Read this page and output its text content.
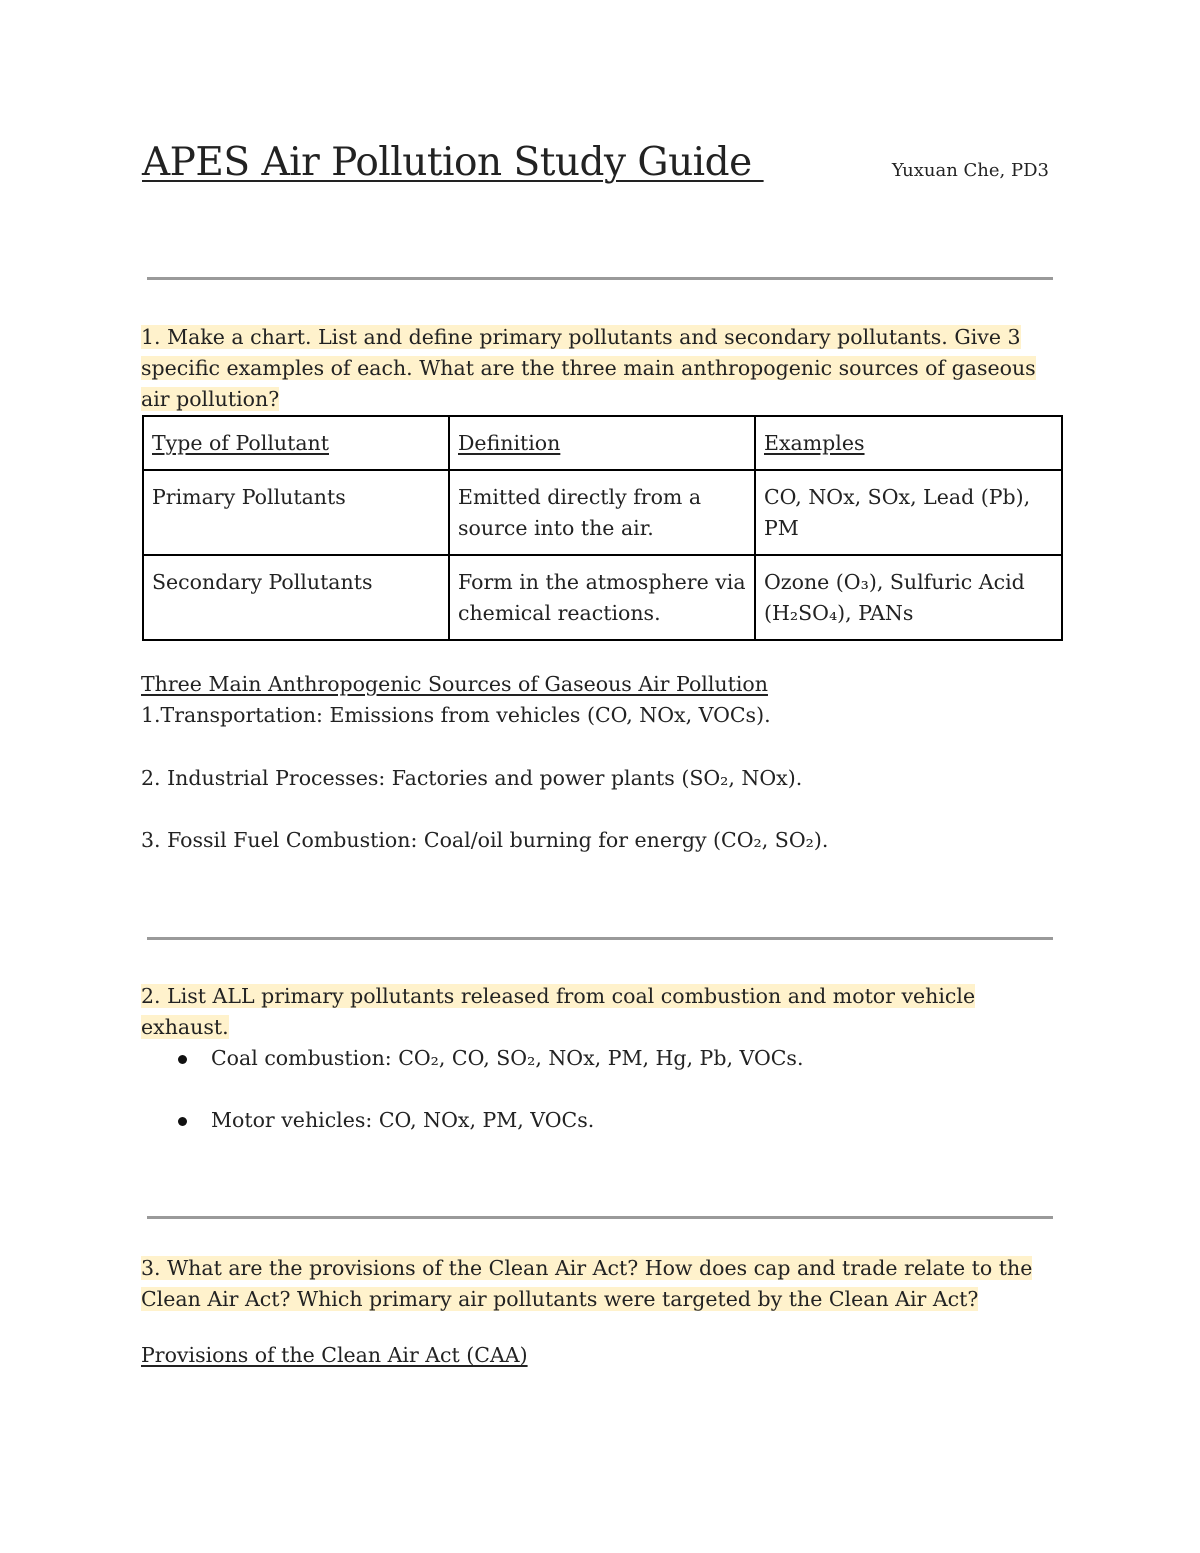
APES Air Pollution Study Guide	Yuxuan Che, PD3
1. Make a chart. List and define primary pollutants and secondary pollutants. Give 3 specific examples of each. What are the three main anthropogenic sources of gaseous air pollution?
Type of Pollutant	Definition	Examples
Primary Pollutants	Emitted directly from a source into the air.	CO, NOx, SOx, Lead (Pb), PM
Secondary Pollutants	Form in the atmosphere via chemical reactions.	Ozone (O₃), Sulfuric Acid (H₂SO₄), PANs
Three Main Anthropogenic Sources of Gaseous Air Pollution
1.Transportation: Emissions from vehicles (CO, NOx, VOCs).
2. Industrial Processes: Factories and power plants (SO₂, NOx).
3. Fossil Fuel Combustion: Coal/oil burning for energy (CO₂, SO₂).
2. List ALL primary pollutants released from coal combustion and motor vehicle exhaust.
Coal combustion: CO₂, CO, SO₂, NOx, PM, Hg, Pb, VOCs.
Motor vehicles: CO, NOx, PM, VOCs.
3. What are the provisions of the Clean Air Act? How does cap and trade relate to the Clean Air Act? Which primary air pollutants were targeted by the Clean Air Act?
Provisions of the Clean Air Act (CAA)
